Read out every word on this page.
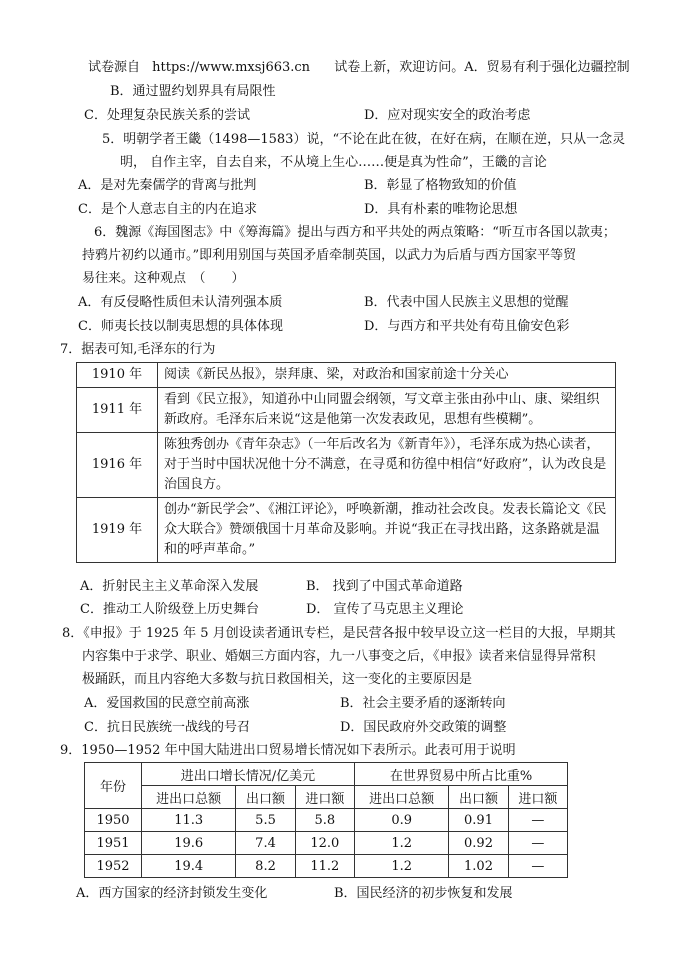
试卷源自 https://www.mxsj663.cn 试卷上新，欢迎访问。A．贸易有利于强化边疆控制
B．通过盟约划界具有局限性
C．处理复杂民族关系的尝试	D．应对现实安全的政治考虑
5．明朝学者王畿（1498—1583）说，“不论在此在彼，在好在病，在顺在逆，只从一念灵
明， 自作主宰，自去自来，不从境上生心……便是真为性命”，王畿的言论
A．是对先秦儒学的背离与批判	B．彰显了格物致知的价值
C．是个人意志自主的内在追求	D．具有朴素的唯物论思想
6．魏源《海国图志》中《筹海篇》提出与西方和平共处的两点策略：“听互市各国以款夷；
持鸦片初约以通市。”即利用别国与英国矛盾牵制英国，以武力为后盾与西方国家平等贸
易往来。这种观点　（　　）
A．有反侵略性质但未认清列强本质	B．代表中国人民族主义思想的觉醒
C．师夷长技以制夷思想的具体体现	D．与西方和平共处有苟且偷安色彩
7．据表可知,毛泽东的行为
1910 年	阅读《新民丛报》，崇拜康、梁，对政治和国家前途十分关心
1911 年	看到《民立报》，知道孙中山同盟会纲领，写文章主张由孙中山、康、梁组织新政府。毛泽东后来说“这是他第一次发表政见，思想有些模糊”。
1916 年	陈独秀创办《青年杂志》（一年后改名为《新青年》），毛泽东成为热心读者，对于当时中国状况他十分不满意，在寻觅和彷徨中相信“好政府”，认为改良是治国良方。
1919 年	创办“新民学会”、《湘江评论》，呼唤新潮，推动社会改良。发表长篇论文《民众大联合》赞颂俄国十月革命及影响。并说“我正在寻找出路，这条路就是温和的呼声革命。”
A．折射民主主义革命深入发展	B． 找到了中国式革命道路
C．推动工人阶级登上历史舞台	D． 宣传了马克思主义理论
8．《申报》于 1925 年 5 月创设读者通讯专栏，是民营各报中较早设立这一栏目的大报，早期其
内容集中于求学、职业、婚姻三方面内容，九一八事变之后，《申报》读者来信显得异常积
极踊跃，而且内容绝大多数与抗日救国相关，这一变化的主要原因是
A．爱国救国的民意空前高涨	B．社会主要矛盾的逐渐转向
C．抗日民族统一战线的号召	D．国民政府外交政策的调整
9．1950—1952 年中国大陆进出口贸易增长情况如下表所示。此表可用于说明
年份	进出口增长情况/亿美元			在世界贸易中所占比重%		
	进出口总额	出口额	进口额	进出口总额	出口额	进口额
1950	11.3	5.5	5.8	0.9	0.91	—
1951	19.6	7.4	12.0	1.2	0.92	—
1952	19.4	8.2	11.2	1.2	1.02	—
A．西方国家的经济封锁发生变化	B．国民经济的初步恢复和发展
